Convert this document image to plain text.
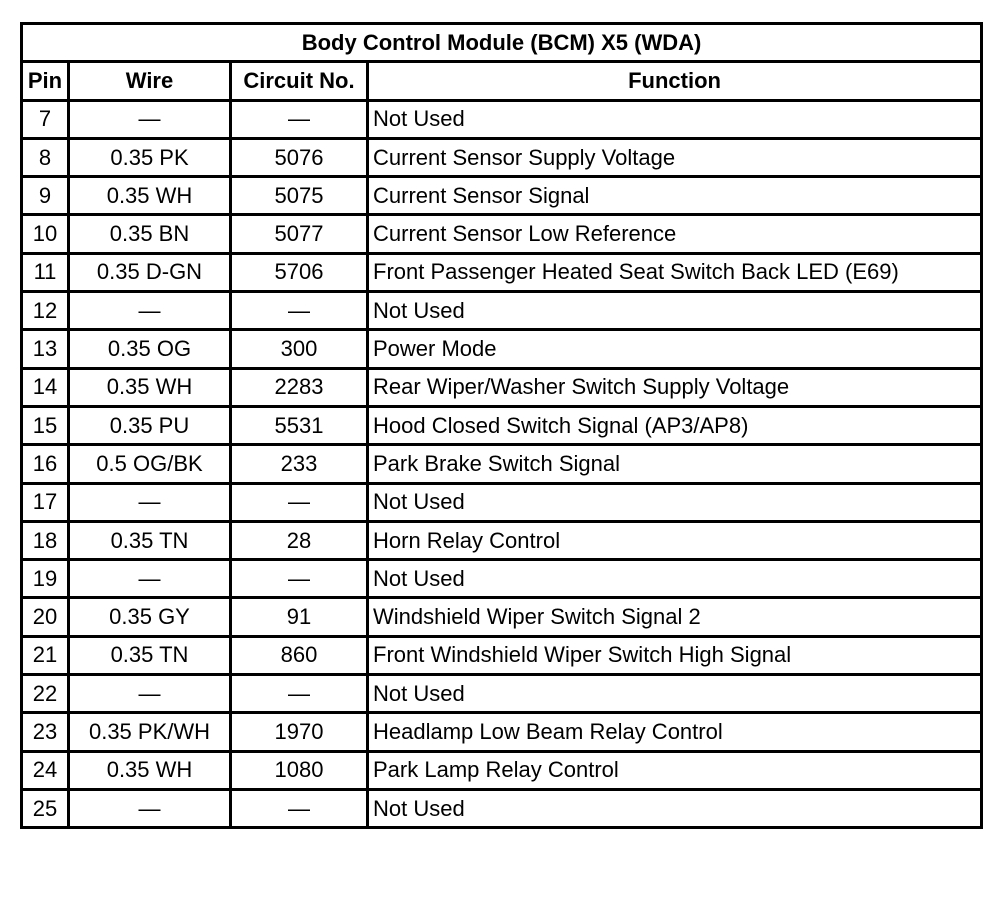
Body Control Module (BCM) X5 (WDA)			
Pin	Wire	Circuit No.	Function
7	—	—	Not Used
8	0.35 PK	5076	Current Sensor Supply Voltage
9	0.35 WH	5075	Current Sensor Signal
10	0.35 BN	5077	Current Sensor Low Reference
11	0.35 D-GN	5706	Front Passenger Heated Seat Switch Back LED (E69)
12	—	—	Not Used
13	0.35 OG	300	Power Mode
14	0.35 WH	2283	Rear Wiper/Washer Switch Supply Voltage
15	0.35 PU	5531	Hood Closed Switch Signal (AP3/AP8)
16	0.5 OG/BK	233	Park Brake Switch Signal
17	—	—	Not Used
18	0.35 TN	28	Horn Relay Control
19	—	—	Not Used
20	0.35 GY	91	Windshield Wiper Switch Signal 2
21	0.35 TN	860	Front Windshield Wiper Switch High Signal
22	—	—	Not Used
23	0.35 PK/WH	1970	Headlamp Low Beam Relay Control
24	0.35 WH	1080	Park Lamp Relay Control
25	—	—	Not Used
